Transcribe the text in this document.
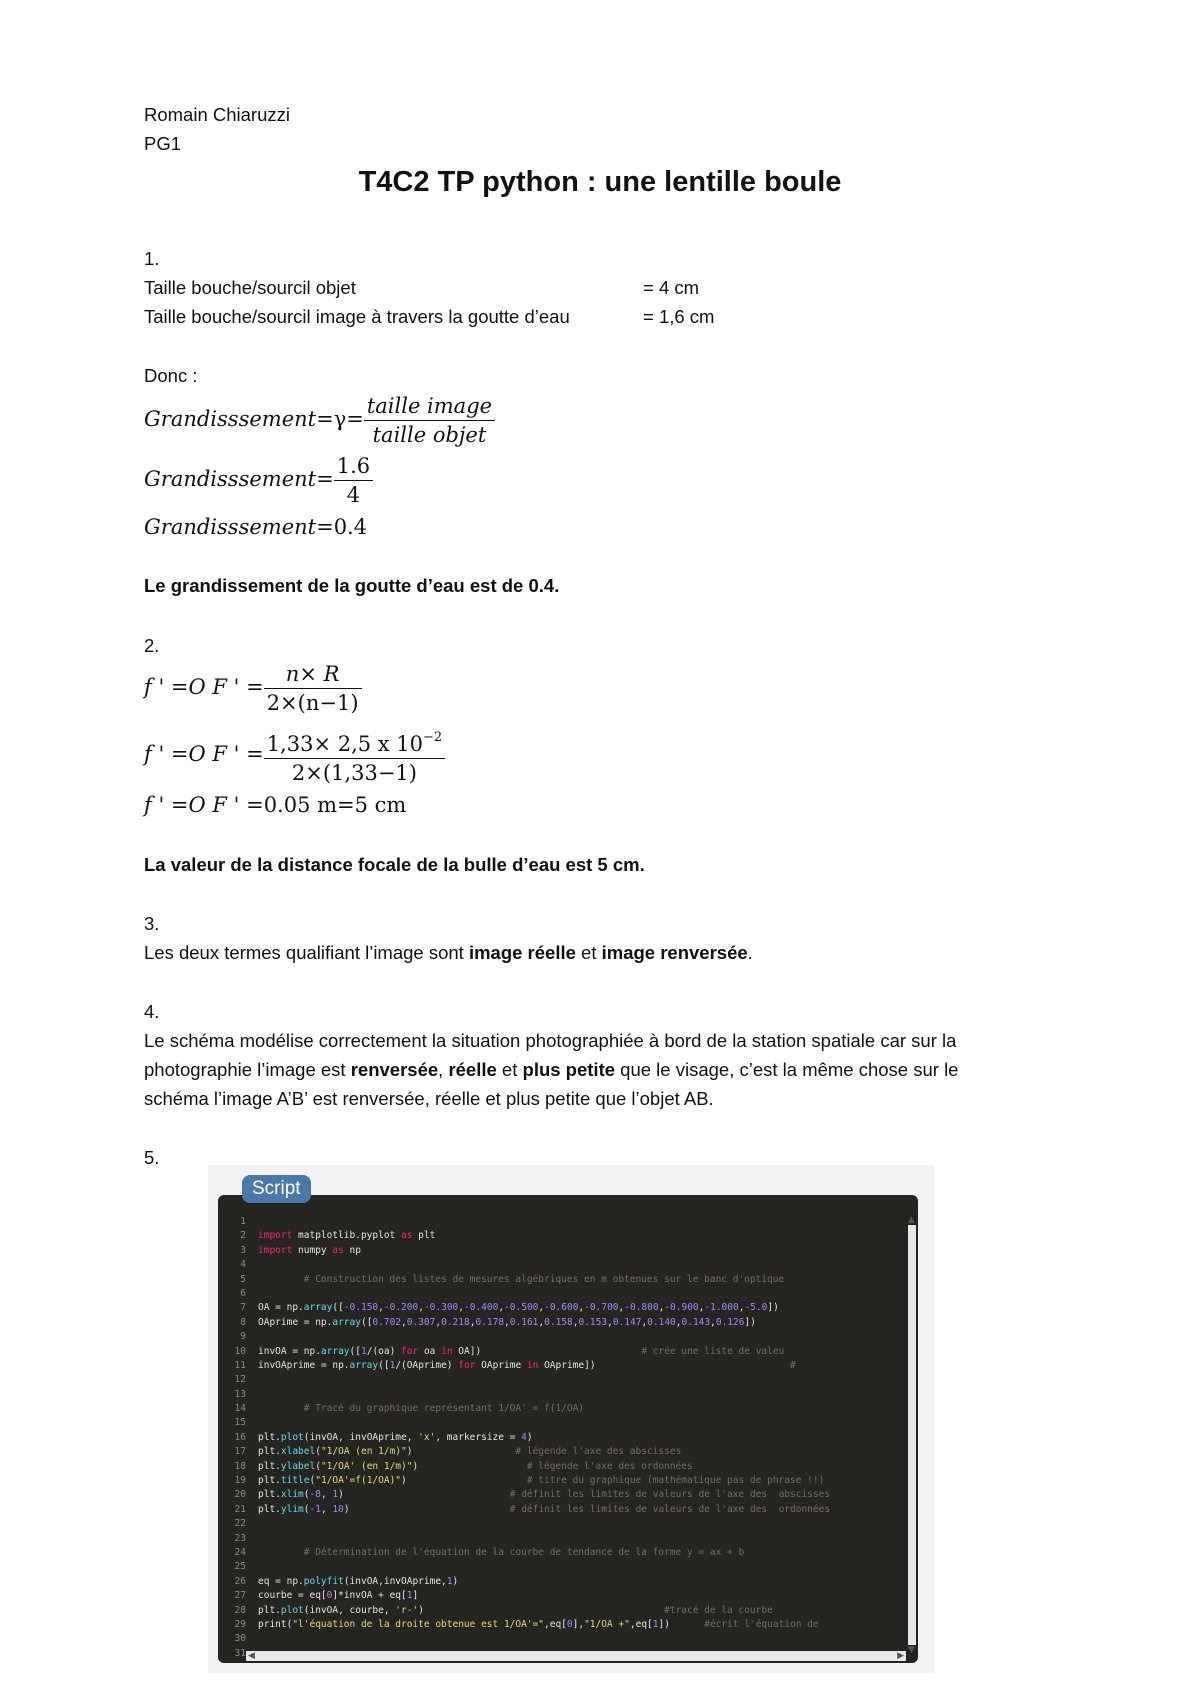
Romain Chiaruzzi
PG1
T4C2 TP python : une lentille boule
1.
Taille bouche/sourcil objet	= 4 cm
Taille bouche/sourcil image à travers la goutte d’eau	= 1,6 cm
Donc :
Grandisssement=γ= $\frac{\text{taille image}}{\text{taille objet}}$
Grandisssement= $\frac{1.6}{4}$
Grandisssement=0.4
Le grandissement de la goutte d’eau est de 0.4.
2.
f ' =O F ' = $\frac{n\times R}{2\times(n-1)}$
f ' =O F ' = $\frac{1,33\times 2,5 x 10^{-2}}{2\times(1,33-1)}$
f ' =O F ' =0.05 m=5 cm
La valeur de la distance focale de la bulle d’eau est 5 cm.
3.
Les deux termes qualifiant l’image sont image réelle et image renversée.
4.
Le schéma modélise correctement la situation photographiée à bord de la station spatiale car sur la
photographie l’image est renversée, réelle et plus petite que le visage, c’est la même chose sur le
schéma l’image A’B’ est renversée, réelle et plus petite que l’objet AB.
5.
1
2
3
4
5
6
7
8
9
10
11
12
13
14
15
16
17
18
19
20
21
22
23
24
25
26
27
28
29
30
31
import matplotlib.pyplot as plt
import numpy as np
# Construction des listes de mesures algébriques en m obtenues sur le banc d'optique
OA = np.array([-0.150,-0.200,-0.300,-0.400,-0.500,-0.600,-0.700,-0.800,-0.900,-1.000,-5.0])
OAprime = np.array([0.702,0.307,0.218,0.178,0.161,0.158,0.153,0.147,0.140,0.143,0.126])
invOA = np.array([1/(oa) for oa in OA])                            # crée une liste de valeu
invOAprime = np.array([1/(OAprime) for OAprime in OAprime])                                  #
# Tracé du graphique représentant 1/OA' = f(1/OA)
plt.plot(invOA, invOAprime, 'x', markersize = 4)
plt.xlabel("1/OA (en 1/m)")                  # légende l'axe des abscisses
plt.ylabel("1/OA' (en 1/m)")                   # légende l'axe des ordonnées
plt.title("1/OA'=f(1/OA)")                     # titre du graphique (mathématique pas de phrase !!)
plt.xlim(-8, 1)                             # définit les limites de valeurs de l'axe des  abscisses
plt.ylim(-1, 10)                            # définit les limites de valeurs de l'axe des  ordonnées
# Détermination de l'équation de la courbe de tendance de la forme y = ax + b
eq = np.polyfit(invOA,invOAprime,1)
courbe = eq[0]*invOA + eq[1]
plt.plot(invOA, courbe, 'r-')                                          #tracé de la courbe
print("l'équation de la droite obtenue est 1/OA'=",eq[0],"1/OA +",eq[1])      #écrit l'équation de
▲
▼
◀	▶
Script
